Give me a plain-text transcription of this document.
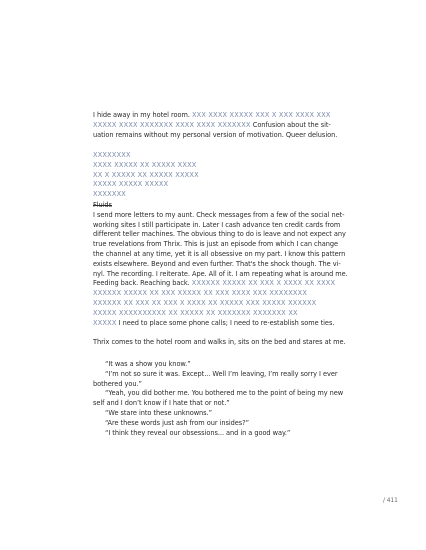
I hide away in my hotel room. XXX XXXX XXXXX XXX X XXX XXXX XXX
XXXXX XXXX XXXXXXX XXXX XXXX XXXXXXX Confusion about the sit-
uation remains without my personal version of motivation. Queer delusion.
XXXXXXXX
XXXX XXXXX XX XXXXX XXXX
XX X XXXXX XX XXXXX XXXXX
XXXXX XXXXX XXXXX
XXXXXXX
Fluids
I send more letters to my aunt. Check messages from a few of the social net-
working sites I still participate in. Later I cash advance ten credit cards from
different teller machines. The obvious thing to do is leave and not expect any
true revelations from Thrix. This is just an episode from which I can change
the channel at any time, yet it is all obsessive on my part. I know this pattern
exists elsewhere. Beyond and even further. That's the shock though. The vi-
nyl. The recording. I reiterate. Ape. All of it. I am repeating what is around me.
Feeding back. Reaching back. XXXXXX XXXXX XX XXX X XXXX XX XXXX
XXXXXX XXXXX XX XXX XXXXX XX XXX XXXX XXX XXXXXXXX
XXXXXX XX XXX XX XXX X XXXX XX XXXXX XXX XXXXX XXXXXX
XXXXX XXXXXXXXXX XX XXXXX XX XXXXXXX XXXXXXX XX
XXXXX I need to place some phone calls; I need to re-establish some ties.
Thrix comes to the hotel room and walks in, sits on the bed and stares at me.
“It was a show you know.”
“I’m not so sure it was. Except... Well I’m leaving, I’m really sorry I ever
bothered you.”
“Yeah, you did bother me. You bothered me to the point of being my new
self and I don’t know if I hate that or not.”
“We stare into these unknowns.”
“Are these words just ash from our insides?”
“I think they reveal our obsessions... and in a good way.”
/ 411
